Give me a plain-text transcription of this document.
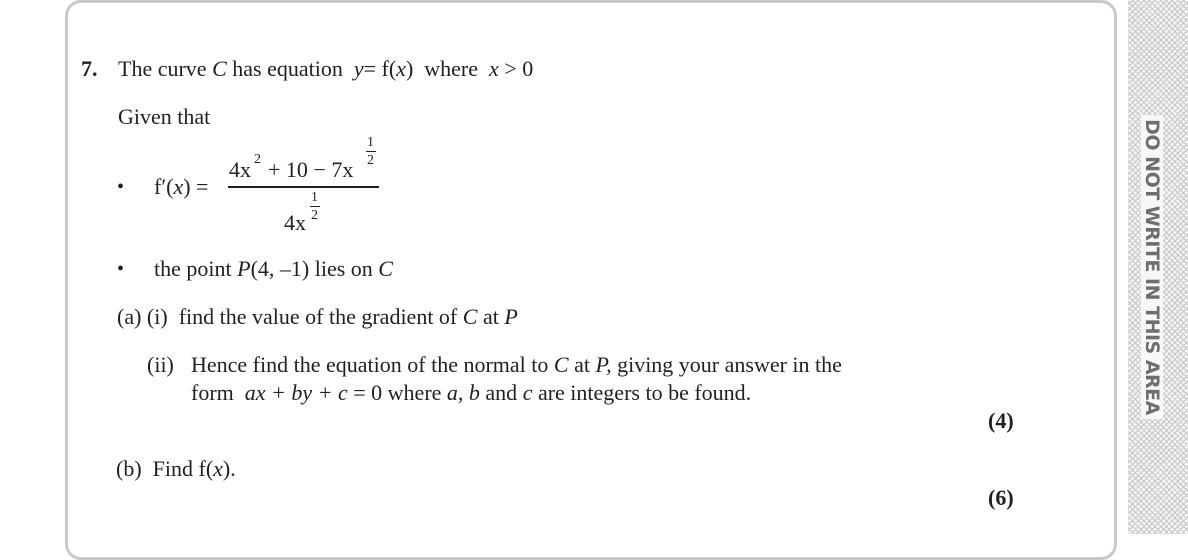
7. The curve C has equation y= f(x) where x > 0
Given that
• f′(x) =
4x 2 + 10 − 7x
1
2
4x
1
2
• the point P(4, –1) lies on C
(a) (i) find the value of the gradient of C at P
(ii) Hence find the equation of the normal to C at P, giving your answer in the
form ax + by + c = 0 where a, b and c are integers to be found.
(4)
(b) Find f(x).
(6)
DO NOT WRITE IN THIS AREA
